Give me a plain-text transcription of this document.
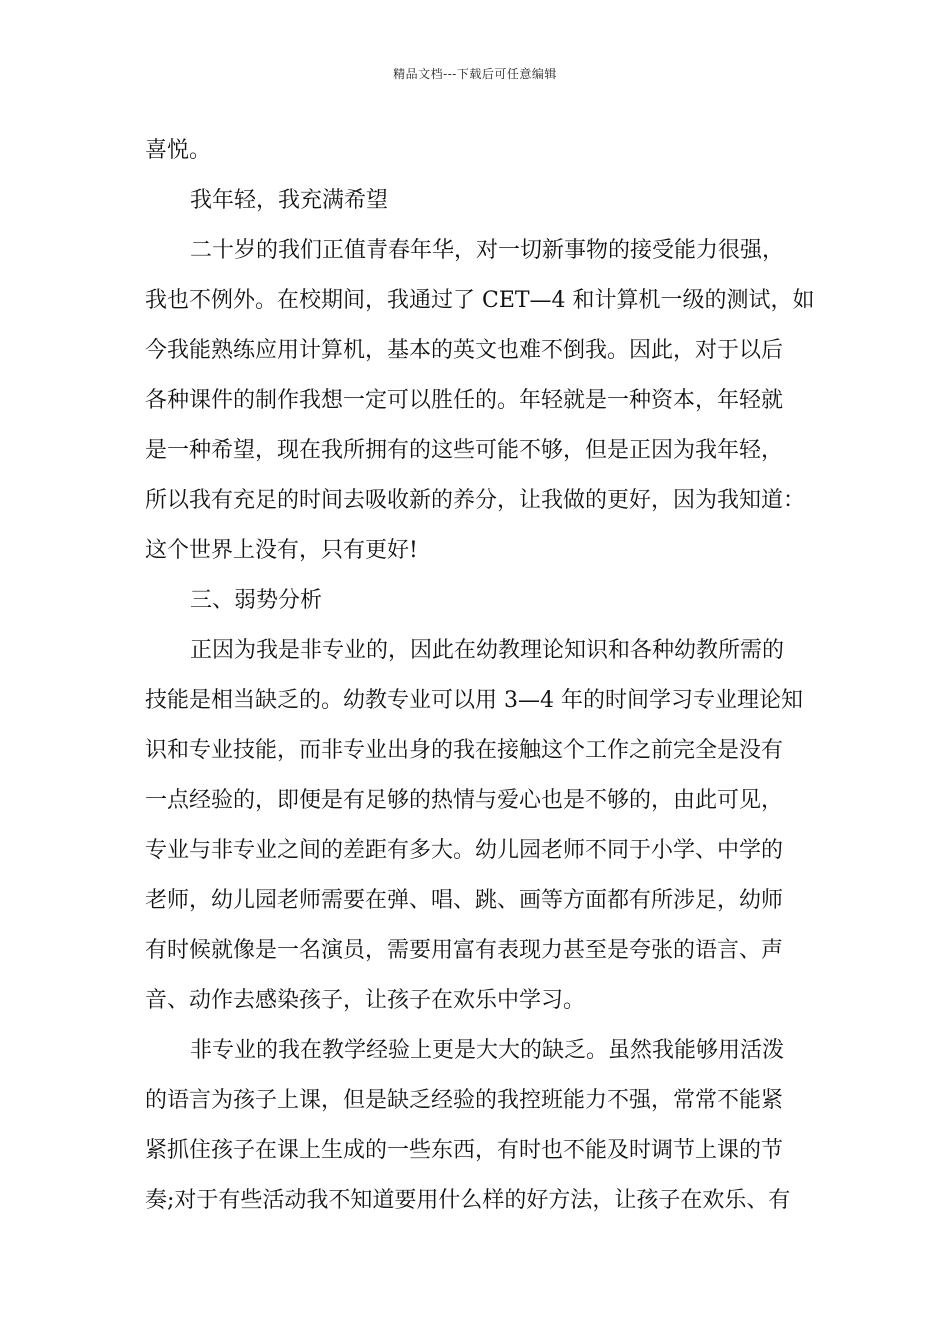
精品文档---下载后可任意编辑
喜悦。
我年轻，我充满希望
二十岁的我们正值青春年华，对一切新事物的接受能力很强，
我也不例外。在校期间，我通过了 CET—4 和计算机一级的测试，如
今我能熟练应用计算机，基本的英文也难不倒我。因此，对于以后
各种课件的制作我想一定可以胜任的。年轻就是一种资本，年轻就
是一种希望，现在我所拥有的这些可能不够，但是正因为我年轻，
所以我有充足的时间去吸收新的养分，让我做的更好，因为我知道：
这个世界上没有，只有更好!
三、弱势分析
正因为我是非专业的，因此在幼教理论知识和各种幼教所需的
技能是相当缺乏的。幼教专业可以用 3—4 年的时间学习专业理论知
识和专业技能，而非专业出身的我在接触这个工作之前完全是没有
一点经验的，即便是有足够的热情与爱心也是不够的，由此可见，
专业与非专业之间的差距有多大。幼儿园老师不同于小学、中学的
老师，幼儿园老师需要在弹、唱、跳、画等方面都有所涉足，幼师
有时候就像是一名演员，需要用富有表现力甚至是夸张的语言、声
音、动作去感染孩子，让孩子在欢乐中学习。
非专业的我在教学经验上更是大大的缺乏。虽然我能够用活泼
的语言为孩子上课，但是缺乏经验的我控班能力不强，常常不能紧
紧抓住孩子在课上生成的一些东西，有时也不能及时调节上课的节
奏;对于有些活动我不知道要用什么样的好方法，让孩子在欢乐、有
